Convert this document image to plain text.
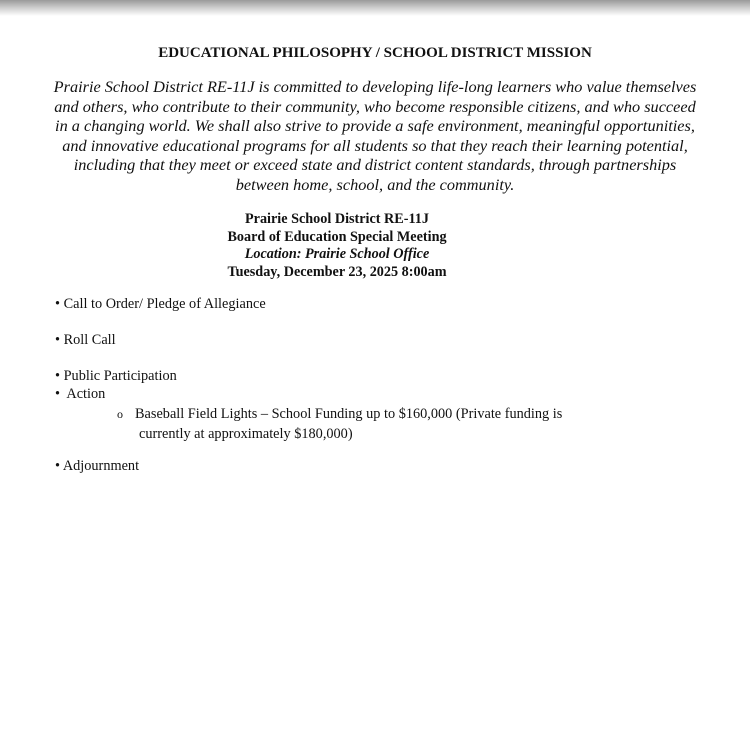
EDUCATIONAL PHILOSOPHY / SCHOOL DISTRICT MISSION
Prairie School District RE-11J is committed to developing life-long learners who value themselves
and others, who contribute to their community, who become responsible citizens, and who succeed
in a changing world. We shall also strive to provide a safe environment, meaningful opportunities,
and innovative educational programs for all students so that they reach their learning potential,
including that they meet or exceed state and district content standards, through partnerships
between home, school, and the community.
Prairie School District RE-11J
Board of Education Special Meeting
Location: Prairie School Office
Tuesday, December 23, 2025 8:00am
• Call to Order/ Pledge of Allegiance
• Roll Call
• Public Participation
• Action
o Baseball Field Lights – School Funding up to $160,000 (Private funding is
currently at approximately $180,000)
• Adjournment
